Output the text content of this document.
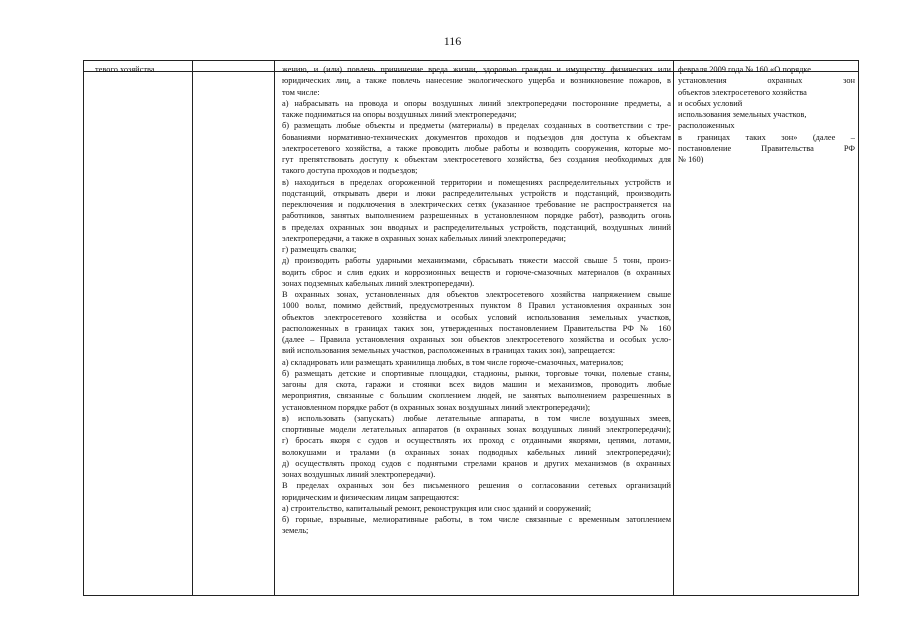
116
тевого хозяйства	жению, и (или) повлечь причинение вреда жизни, здоровью граждан и имуществу физических или
юридических лиц, а также повлечь нанесение экологического ущерба и возникновение пожаров, в
том числе:
а) набрасывать на провода и опоры воздушных линий электропередачи посторонние предметы, а
также подниматься на опоры воздушных линий электропередачи;
б) размещать любые объекты и предметы (материалы) в пределах созданных в соответствии с тре-
бованиями нормативно-технических документов проходов и подъездов для доступа к объектам
электросетевого хозяйства, а также проводить любые работы и возводить сооружения, которые мо-
гут препятствовать доступу к объектам электросетевого хозяйства, без создания необходимых для
такого доступа проходов и подъездов;
в) находиться в пределах огороженной территории и помещениях распределительных устройств и
подстанций, открывать двери и люки распределительных устройств и подстанций, производить
переключения и подключения в электрических сетях (указанное требование не распространяется на
работников, занятых выполнением разрешенных в установленном порядке работ), разводить огонь
в пределах охранных зон вводных и распределительных устройств, подстанций, воздушных линий
электропередачи, а также в охранных зонах кабельных линий электропередачи;
г) размещать свалки;
д) производить работы ударными механизмами, сбрасывать тяжести массой свыше 5 тонн, произ-
водить сброс и слив едких и коррозионных веществ и горюче-смазочных материалов (в охранных
зонах подземных кабельных линий электропередачи).
В охранных зонах, установленных для объектов электросетевого хозяйства напряжением свыше
1000 вольт, помимо действий, предусмотренных пунктом 8 Правил установления охранных зон
объектов электросетевого хозяйства и особых условий использования земельных участков,
расположенных в границах таких зон, утвержденных постановлением Правительства РФ № 160
(далее – Правила установления охранных зон объектов электросетевого хозяйства и особых усло-
вий использования земельных участков, расположенных в границах таких зон), запрещается:
а) складировать или размещать хранилища любых, в том числе горюче-смазочных, материалов;
б) размещать детские и спортивные площадки, стадионы, рынки, торговые точки, полевые станы,
загоны для скота, гаражи и стоянки всех видов машин и механизмов, проводить любые
мероприятия, связанные с большим скоплением людей, не занятых выполнением разрешенных в
установленном порядке работ (в охранных зонах воздушных линий электропередачи);
в) использовать (запускать) любые летательные аппараты, в том числе воздушных змеев,
спортивные модели летательных аппаратов (в охранных зонах воздушных линий электропередачи);
г) бросать якоря с судов и осуществлять их проход с отданными якорями, цепями, лотами,
волокушами и тралами (в охранных зонах подводных кабельных линий электропередачи);
д) осуществлять проход судов с поднятыми стрелами кранов и других механизмов (в охранных
зонах воздушных линий электропередачи).
В пределах охранных зон без письменного решения о согласовании сетевых организаций
юридическим и физическим лицам запрещаются:
а) строительство, капитальный ремонт, реконструкция или снос зданий и сооружений;
б) горные, взрывные, мелиоративные работы, в том числе связанные с временным затоплением
земель;
февраля 2009 года № 160 «О порядке
установления охранных зон
объектов электросетевого хозяйства
и особых условий
использования земельных участков,
расположенных
в границах таких зон» (далее –
постановление Правительства РФ
№ 160)
